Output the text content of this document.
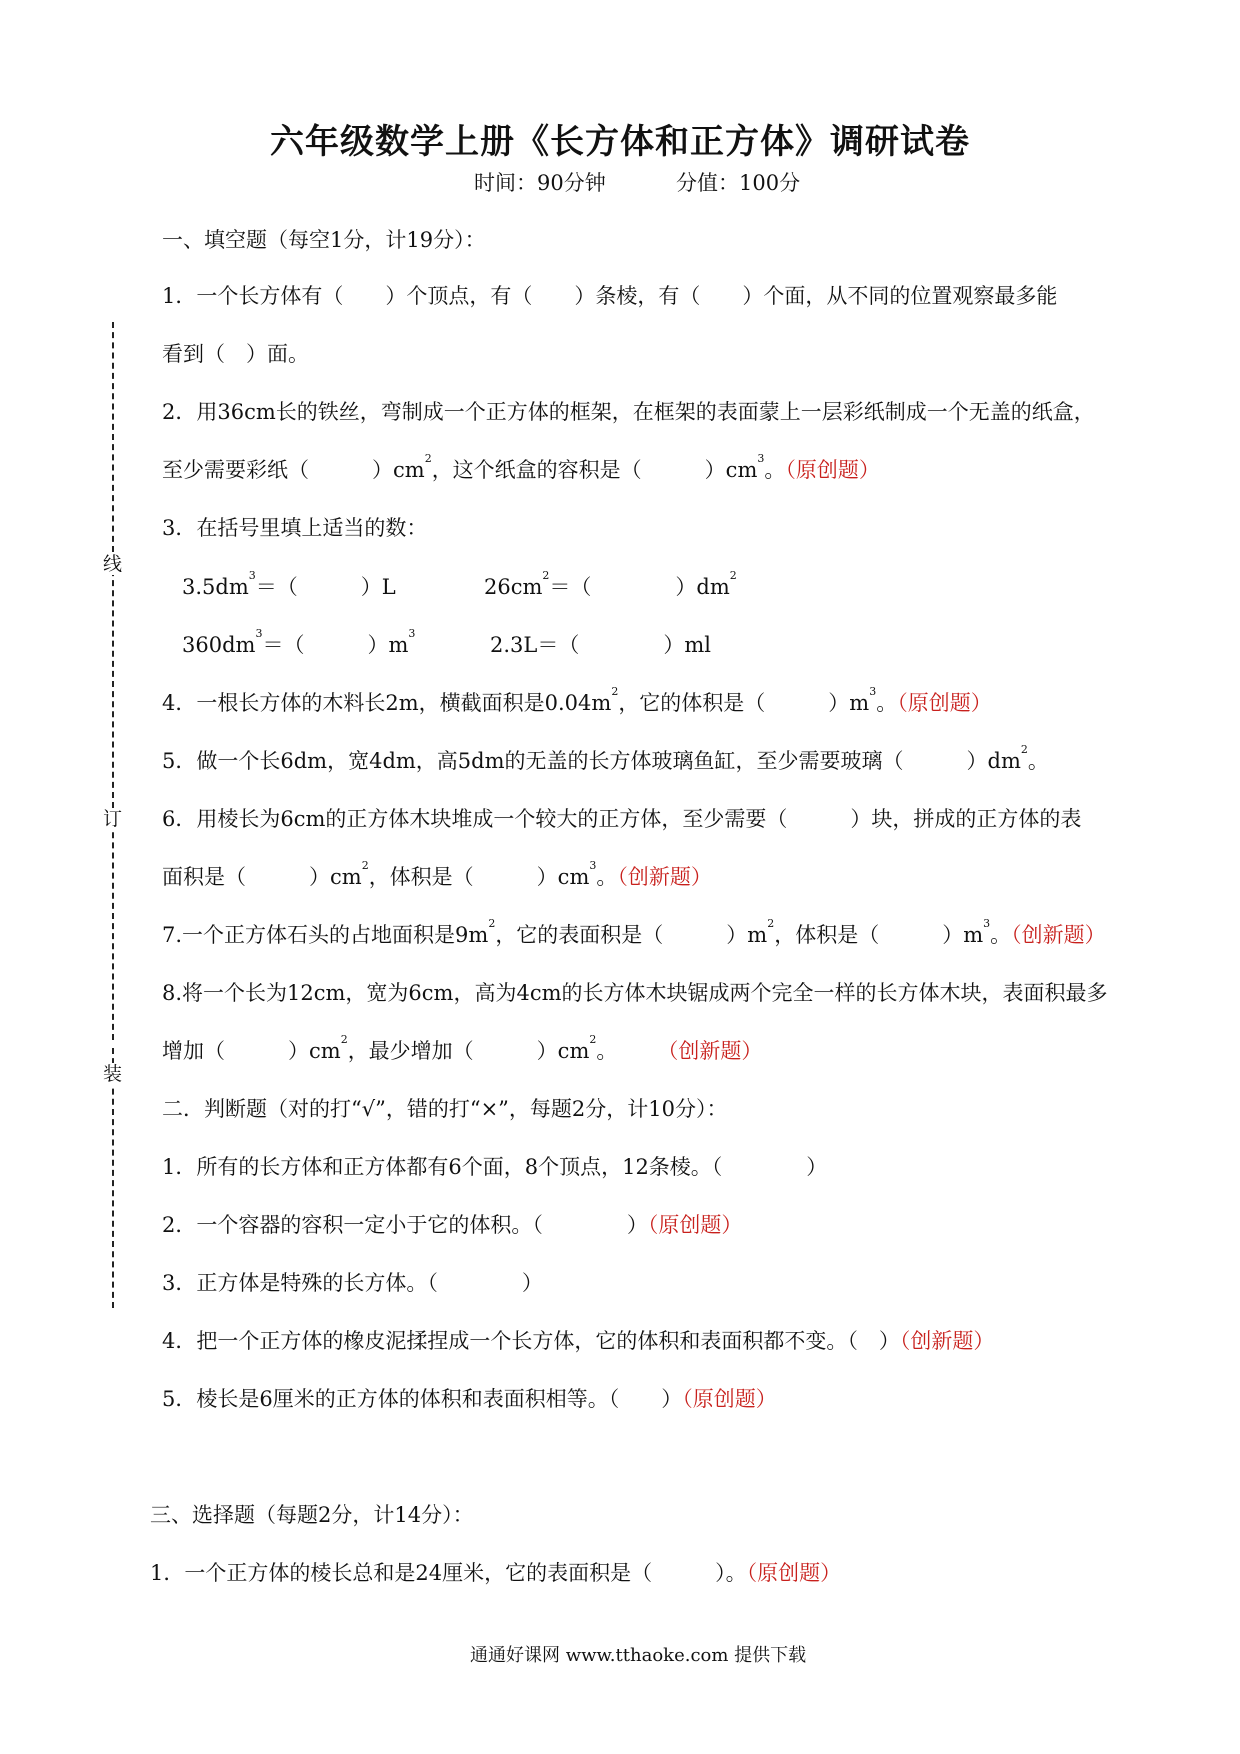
六年级数学上册《长方体和正方体》调研试卷
时间：90分钟	分值：100分
线
订
装
一、填空题（每空1分，计19分）：
1．一个长方体有（　　）个顶点，有（　　）条棱，有（　　）个面，从不同的位置观察最多能
看到（　）面。
2．用36cm长的铁丝，弯制成一个正方体的框架，在框架的表面蒙上一层彩纸制成一个无盖的纸盒，
至少需要彩纸（　　　）$cm^2$，这个纸盒的容积是（　　　）$cm^3$。（原创题）
3．在括号里填上适当的数：
$3.5dm^3=$（　　　）L	$26cm^2=$（　　　　）$dm^2$
$360dm^3=$（　　　）$m^3$	2.3L＝（　　　　）ml
4．一根长方体的木料长2m，横截面积是$0.04m^2$，它的体积是（　　　）$m^3$。（原创题）
5．做一个长6dm，宽4dm，高5dm的无盖的长方体玻璃鱼缸，至少需要玻璃（　　　）$dm^2$。
6．用棱长为6cm的正方体木块堆成一个较大的正方体，至少需要（　　　）块，拼成的正方体的表
面积是（　　　）$cm^2$，体积是（　　　）$cm^3$。（创新题）
7.一个正方体石头的占地面积是$9m^2$，它的表面积是（　　　）$m^2$，体积是（　　　）$m^3$。（创新题）
8.将一个长为12cm，宽为6cm，高为4cm的长方体木块锯成两个完全一样的长方体木块，表面积最多
增加（　　　）$cm^2$，最少增加（　　　）$cm^2$。 （创新题）
二．判断题（对的打“√”，错的打“×”，每题2分，计10分）：
1．所有的长方体和正方体都有6个面，8个顶点，12条棱。（　　　　）
2．一个容器的容积一定小于它的体积。（　　　　）（原创题）
3．正方体是特殊的长方体。（　　　　）
4．把一个正方体的橡皮泥揉捏成一个长方体，它的体积和表面积都不变。（　）（创新题）
5．棱长是6厘米的正方体的体积和表面积相等。（　　）（原创题）
三、选择题（每题2分，计14分）：
1．一个正方体的棱长总和是24厘米，它的表面积是（　　　）。（原创题）
通通好课网 www.tthaoke.com 提供下载
